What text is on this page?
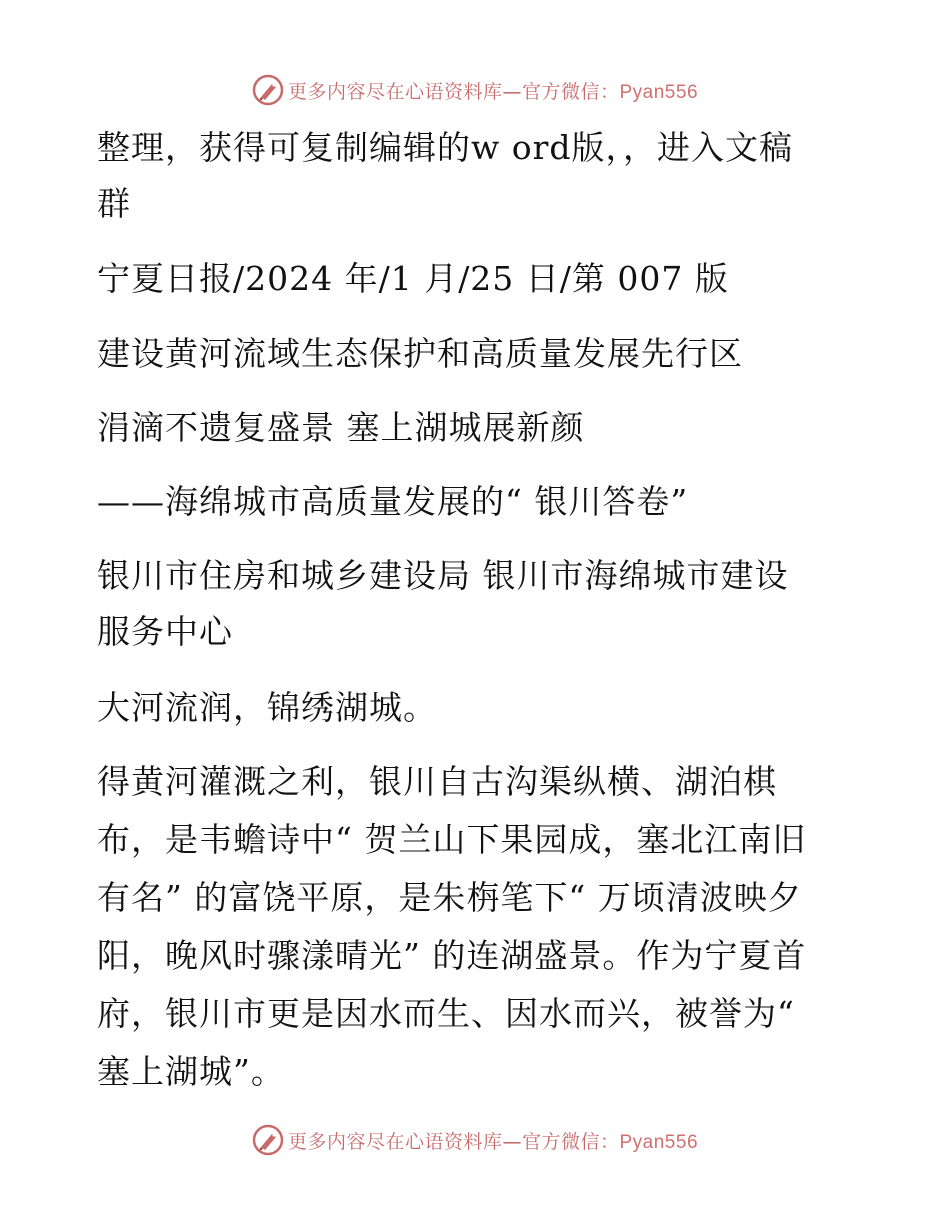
更多内容尽在心语资料库—官方微信：Pyan556
整理，获得可复制编辑的w ord版，，进入文稿
群
宁夏日报/2024 年/1 月/25 日/第 007 版
建设黄河流域生态保护和高质量发展先行区
涓滴不遗复盛景 塞上湖城展新颜
——海绵城市高质量发展的“ 银川答卷”
银川市住房和城乡建设局 银川市海绵城市建设
服务中心
大河流润，锦绣湖城。
得黄河灌溉之利，银川自古沟渠纵横、湖泊棋
布，是韦蟾诗中“ 贺兰山下果园成，塞北江南旧
有名” 的富饶平原，是朱栴笔下“ 万顷清波映夕
阳，晚风时骤漾晴光” 的连湖盛景。作为宁夏首
府，银川市更是因水而生、因水而兴，被誉为“
塞上湖城”。
更多内容尽在心语资料库—官方微信：Pyan556
